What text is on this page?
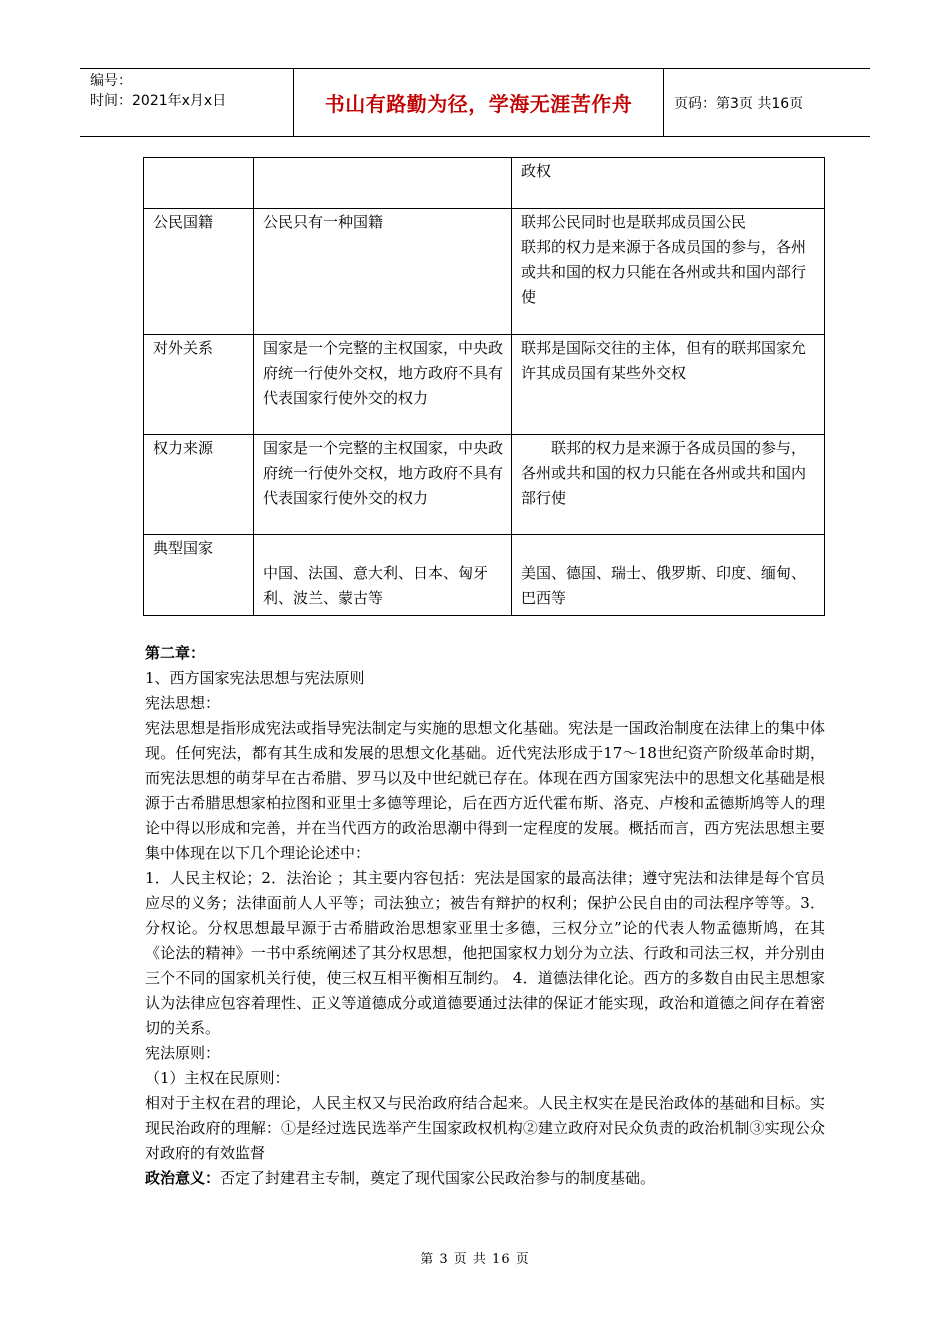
编号：
时间：2021年x月x日	书山有路勤为径，学海无涯苦作舟	页码：第3页 共16页
		政权
公民国籍	公民只有一种国籍	联邦公民同时也是联邦成员国公民
联邦的权力是来源于各成员国的参与，各州或共和国的权力只能在各州或共和国内部行使

对外关系	国家是一个完整的主权国家，中央政府统一行使外交权，地方政府不具有代表国家行使外交的权力	联邦是国际交往的主体，但有的联邦国家允许其成员国有某些外交权

权力来源	国家是一个完整的主权国家，中央政府统一行使外交权，地方政府不具有代表国家行使外交的权力	联邦的权力是来源于各成员国的参与，各州或共和国的权力只能在各州或共和国内部行使

典型国家	中国、法国、意大利、日本、匈牙利、波兰、蒙古等	美国、德国、瑞士、俄罗斯、印度、缅甸、巴西等

第二章：

1、西方国家宪法思想与宪法原则

宪法思想：

宪法思想是指形成宪法或指导宪法制定与实施的思想文化基础。宪法是一国政治制度在法律上的集中体现。任何宪法，都有其生成和发展的思想文化基础。近代宪法形成于17～18世纪资产阶级革命时期，而宪法思想的萌芽早在古希腊、罗马以及中世纪就已存在。体现在西方国家宪法中的思想文化基础是根源于古希腊思想家柏拉图和亚里士多德等理论，后在西方近代霍布斯、洛克、卢梭和孟德斯鸠等人的理论中得以形成和完善，并在当代西方的政治思潮中得到一定程度的发展。概括而言，西方宪法思想主要集中体现在以下几个理论论述中：

1．人民主权论；2．法治论 ；其主要内容包括：宪法是国家的最高法律；遵守宪法和法律是每个官员应尽的义务；法律面前人人平等；司法独立；被告有辩护的权利；保护公民自由的司法程序等等。3．分权论。分权思想最早源于古希腊政治思想家亚里士多德，三权分立”论的代表人物孟德斯鸠，在其《论法的精神》一书中系统阐述了其分权思想，他把国家权力划分为立法、行政和司法三权，并分别由三个不同的国家机关行使，使三权互相平衡相互制约。 4．道德法律化论。西方的多数自由民主思想家认为法律应包容着理性、正义等道德成分或道德要通过法律的保证才能实现，政治和道德之间存在着密切的关系。

宪法原则：

（1）主权在民原则：

相对于主权在君的理论，人民主权又与民治政府结合起来。人民主权实在是民治政体的基础和目标。实现民治政府的理解：①是经过选民选举产生国家政权机构②建立政府对民众负责的政治机制③实现公众对政府的有效监督

政治意义：否定了封建君主专制，奠定了现代国家公民政治参与的制度基础。

第 3 页 共 16 页
